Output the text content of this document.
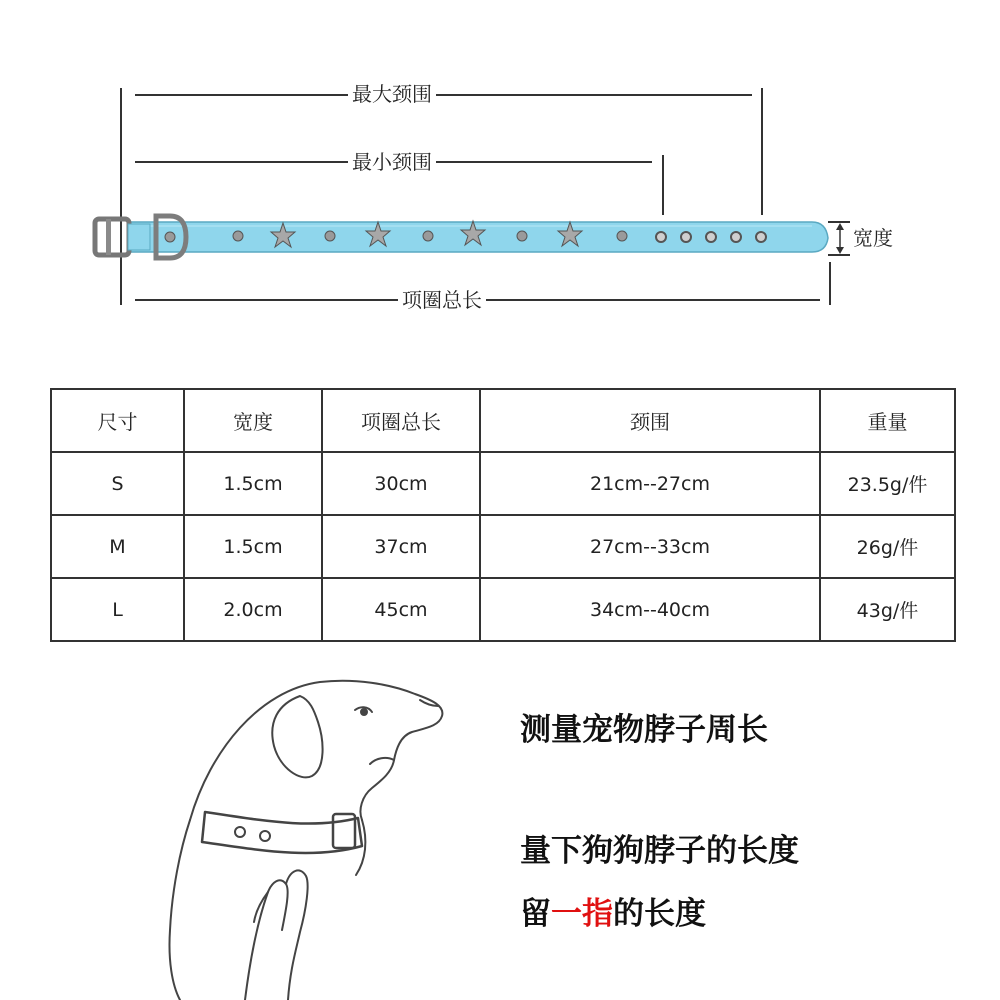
最大颈围
最小颈围
宽度
项圈总长
尺寸	宽度	项圈总长	颈围	重量
S	1.5cm	30cm	21cm--27cm	23.5g/件
M	1.5cm	37cm	27cm--33cm	26g/件
L	2.0cm	45cm	34cm--40cm	43g/件
测量宠物脖子周长
量下狗狗脖子的长度
留一指的长度
